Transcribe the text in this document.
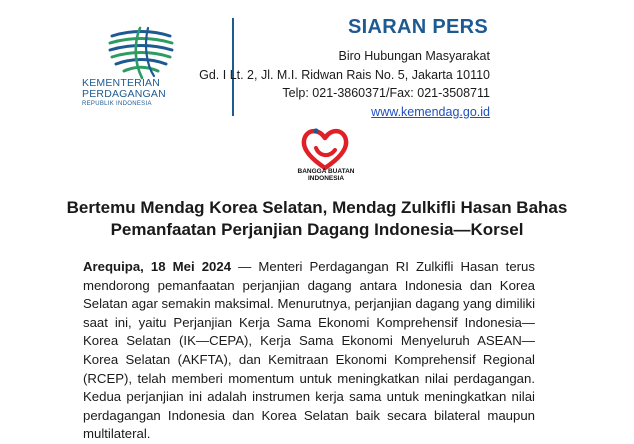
KEMENTERIAN
PERDAGANGAN
REPUBLIK INDONESIA
SIARAN PERS
Biro Hubungan Masyarakat
Gd. I Lt. 2, Jl. M.I. Ridwan Rais No. 5, Jakarta 10110
Telp: 021-3860371/Fax: 021-3508711
www.kemendag.go.id
BANGGA BUATAN
INDONESIA
Bertemu Mendag Korea Selatan, Mendag Zulkifli Hasan Bahas
Pemanfaatan Perjanjian Dagang Indonesia—Korsel
Arequipa, 18 Mei 2024 — Menteri Perdagangan RI Zulkifli Hasan terus mendorong pemanfaatan perjanjian dagang antara Indonesia dan Korea Selatan agar semakin maksimal. Menurutnya, perjanjian dagang yang dimiliki saat ini, yaitu Perjanjian Kerja Sama Ekonomi Komprehensif Indonesia—Korea Selatan (IK—CEPA), Kerja Sama Ekonomi Menyeluruh ASEAN—Korea Selatan (AKFTA), dan Kemitraan Ekonomi Komprehensif Regional (RCEP), telah memberi momentum untuk meningkatkan nilai perdagangan. Kedua perjanjian ini adalah instrumen kerja sama untuk meningkatkan nilai perdagangan Indonesia dan Korea Selatan baik secara bilateral maupun multilateral.
